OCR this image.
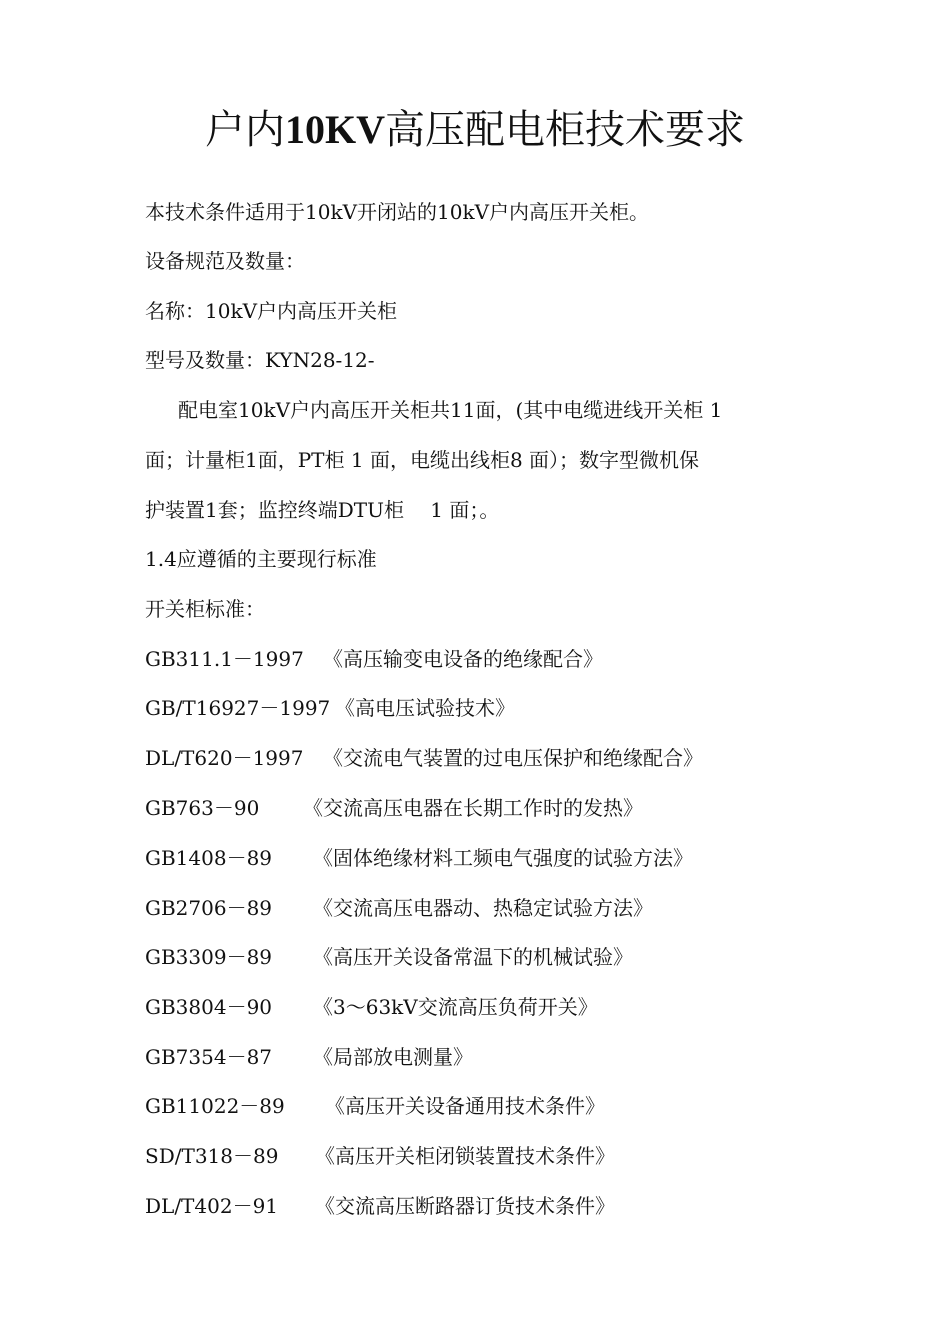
户内10KV高压配电柜技术要求
本技术条件适用于10kV开闭站的10kV户内高压开关柜。
设备规范及数量：
名称：10kV户内高压开关柜
型号及数量：KYN28-12-
配电室10kV户内高压开关柜共11面，(其中电缆进线开关柜 1
面；计量柜1面，PT柜 1 面，电缆出线柜8 面）；数字型微机保
护装置1套；监控终端DTU柜 　1 面；。
1.4应遵循的主要现行标准
开关柜标准：
GB311.1－1997 《高压输变电设备的绝缘配合》
GB/T16927－1997 《高电压试验技术》
DL/T620－1997 《交流电气装置的过电压保护和绝缘配合》
GB763－90 《交流高压电器在长期工作时的发热》
GB1408－89 《固体绝缘材料工频电气强度的试验方法》
GB2706－89 《交流高压电器动、热稳定试验方法》
GB3309－89 《高压开关设备常温下的机械试验》
GB3804－90 《3～63kV交流高压负荷开关》
GB7354－87 《局部放电测量》
GB11022－89 《高压开关设备通用技术条件》
SD/T318－89 《高压开关柜闭锁装置技术条件》
DL/T402－91 《交流高压断路器订货技术条件》
